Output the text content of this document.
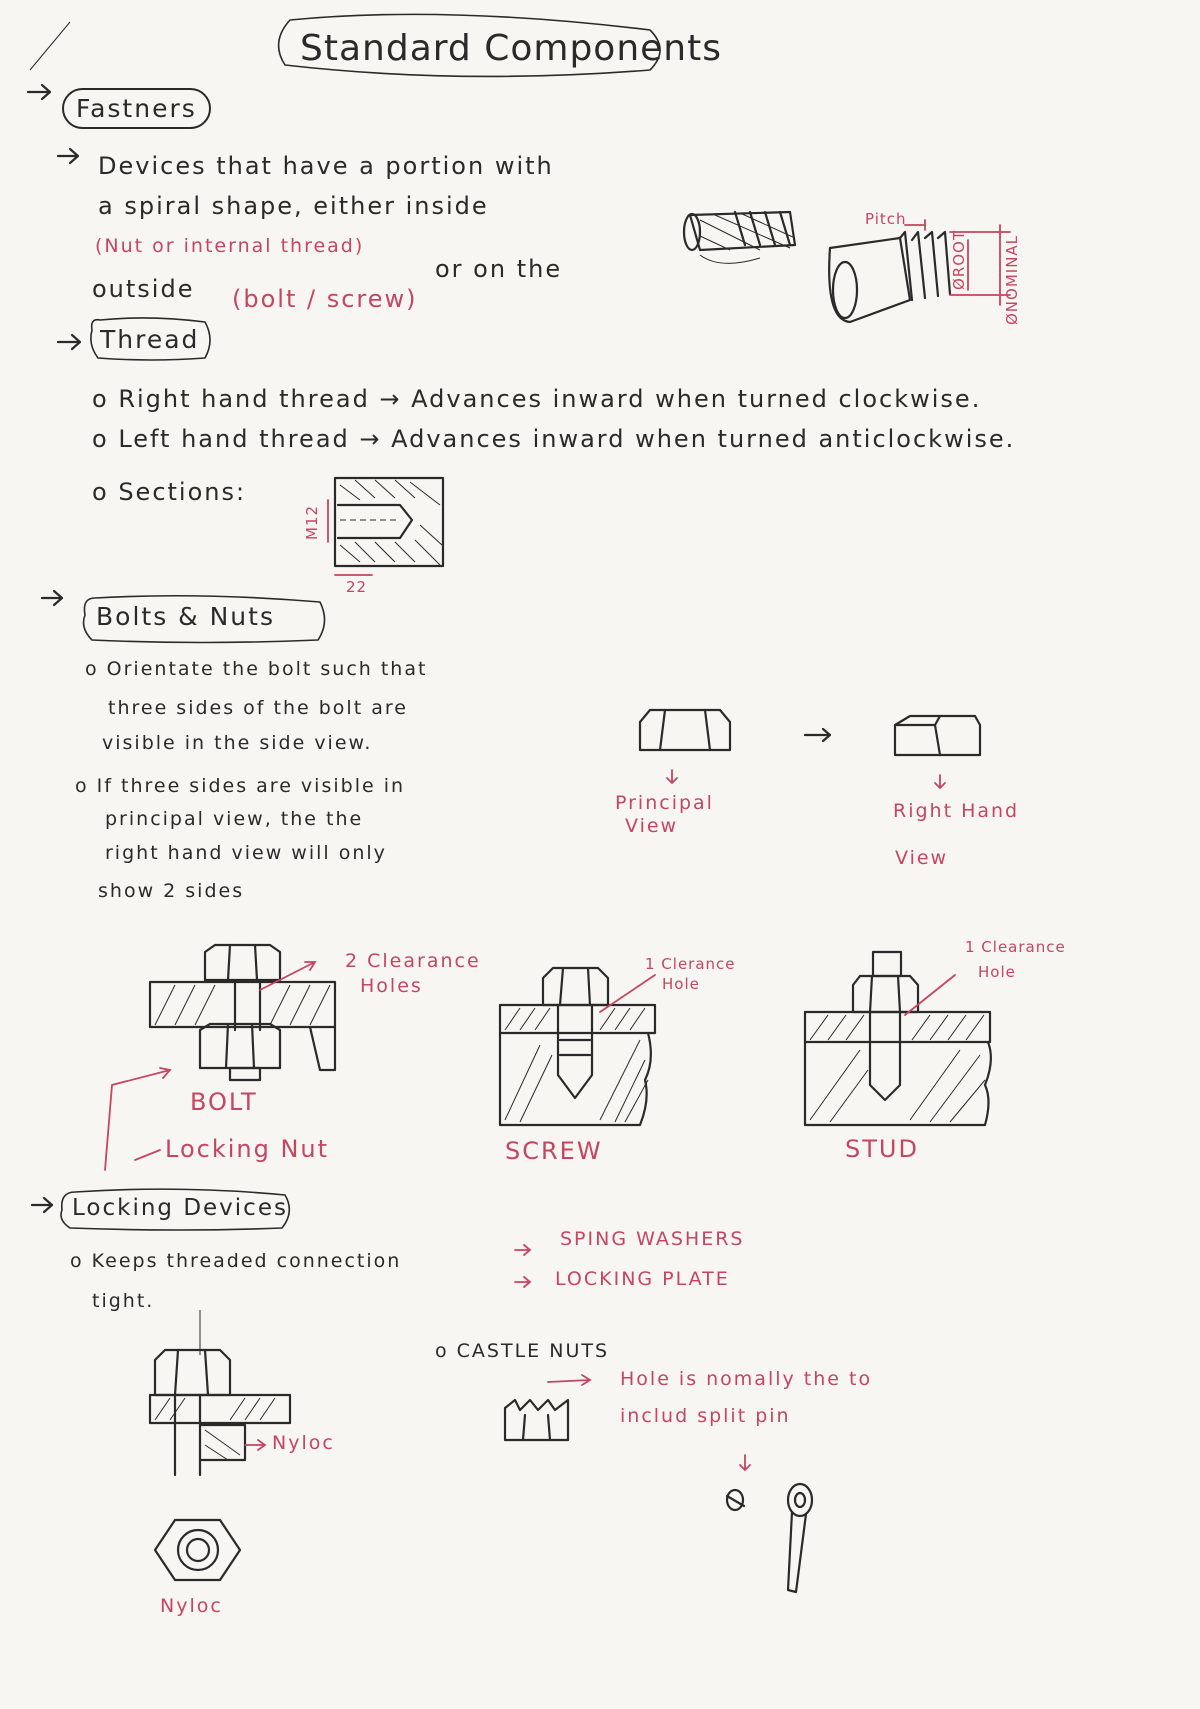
Standard Components
Fastners
Devices that have a portion with
a spiral shape, either inside
(Nut or internal thread)
or on the
outside (bolt / screw)
Pitch
ØROOT ØNOMINAL
Thread
o Right hand thread → Advances inward when turned clockwise.
o Left hand thread → Advances inward when turned anticlockwise.
o Sections:
M12
22
Bolts & Nuts
o Orientate the bolt such that
three sides of the bolt are
visible in the side view.
o If three sides are visible in
principal view, the the
right hand view will only
show 2 sides
Principal
View
Right Hand
View
2 Clearance
Holes
BOLT
Locking Nut
1 Clerance
Hole
SCREW
1 Clearance
Hole
STUD
Locking Devices
o Keeps threaded connection
tight.
SPING WASHERS
LOCKING PLATE
o CASTLE NUTS
Hole is nomally the to
includ split pin
Nyloc
Nyloc
